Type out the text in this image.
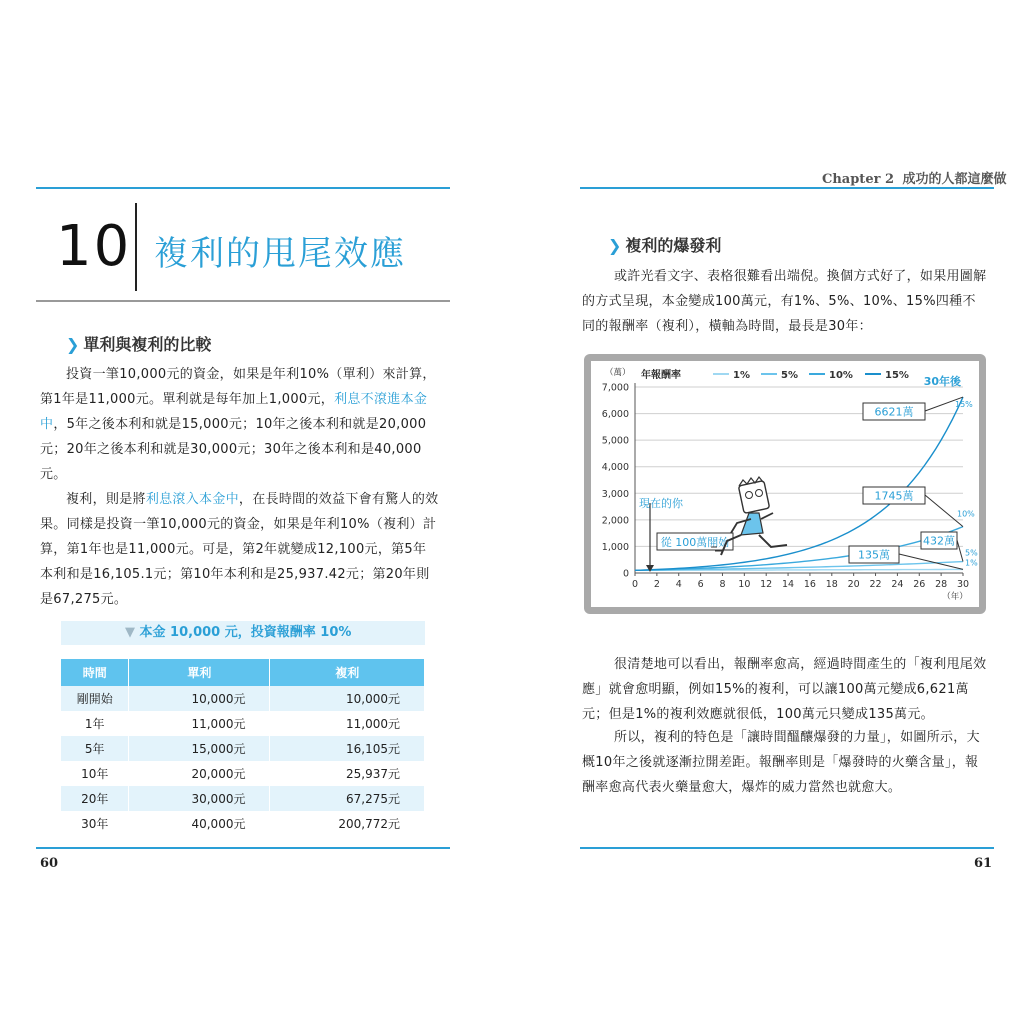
10 複利的甩尾效應
❯ 單利與複利的比較
投資一筆10,000元的資金，如果是年利10%（單利）來計算，
第1年是11,000元。單利就是每年加上1,000元，利息不滾進本金
中，5年之後本利和就是15,000元；10年之後本利和就是20,000
元；20年之後本利和就是30,000元；30年之後本利和是40,000
元。
複利，則是將利息滾入本金中，在長時間的效益下會有驚人的效
果。同樣是投資一筆10,000元的資金，如果是年利10%（複利）計
算，第1年也是11,000元。可是，第2年就變成12,100元，第5年
本利和是16,105.1元；第10年本利和是25,937.42元；第20年則
是67,275元。
▼ 本金 10,000 元，投資報酬率 10%
時間	單利	複利
剛開始	10,000元	10,000元
1年	11,000元	11,000元
5年	15,000元	16,105元
10年	20,000元	25,937元
20年	30,000元	67,275元
30年	40,000元	200,772元
60
Chapter 2 成功的人都這麼做
❯ 複利的爆發利
或許光看文字、表格很難看出端倪。換個方式好了，如果用圖解
的方式呈現，本金變成100萬元，有1%、5%、10%、15%四種不
同的報酬率（複利），橫軸為時間，最長是30年：
0
1,000
2,000
3,000
4,000
5,000
6,000
7,000
0 2 4 6 8 10 12 14 16 18 20 22 24 26 28 30
（年）
（萬） 年報酬率	1%	5%	10%	15%
1%
5%
10%
15%
30年後
6621萬
1745萬
432萬
135萬
現在的你
從 100萬開始
很清楚地可以看出，報酬率愈高，經過時間產生的「複利甩尾效
應」就會愈明顯，例如15%的複利，可以讓100萬元變成6,621萬
元；但是1%的複利效應就很低，100萬元只變成135萬元。
所以，複利的特色是「讓時間醞釀爆發的力量」，如圖所示，大
概10年之後就逐漸拉開差距。報酬率則是「爆發時的火藥含量」，報
酬率愈高代表火藥量愈大，爆炸的威力當然也就愈大。
61
